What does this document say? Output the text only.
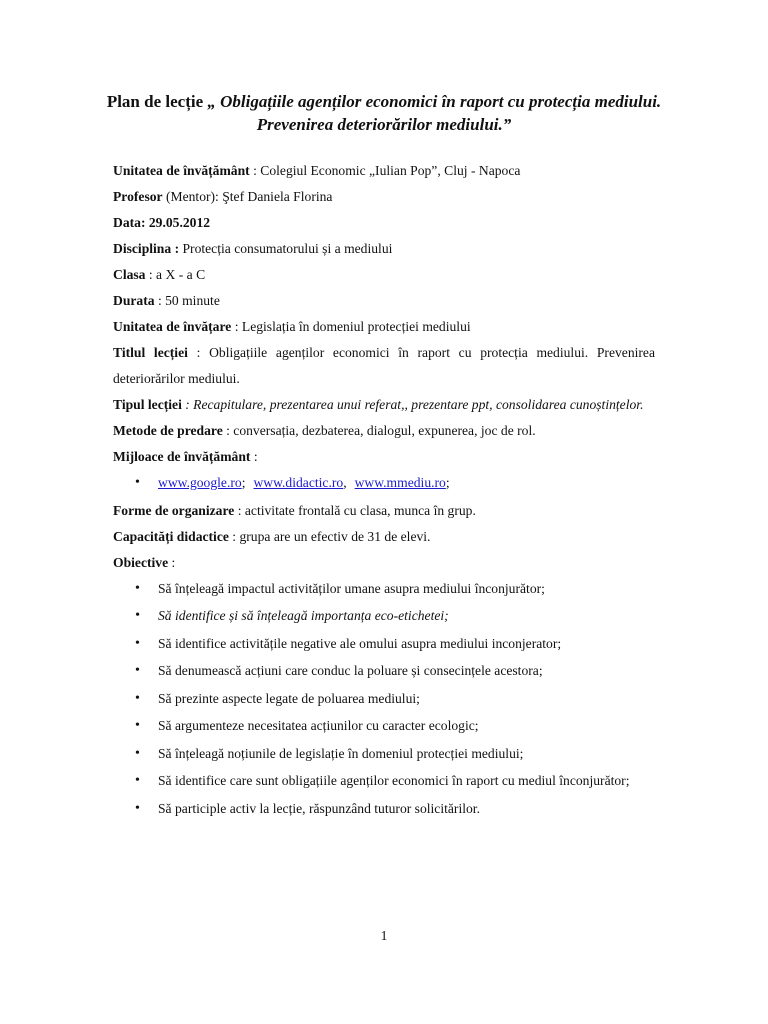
Plan de lecție „ Obligațiile agenților economici în raport cu protecția mediului. Prevenirea deteriorărilor mediului.”

Unitatea de învățământ : Colegiul Economic „Iulian Pop”, Cluj - Napoca

Profesor (Mentor): Ştef Daniela Florina

Data: 29.05.2012

Disciplina : Protecția consumatorului și a mediului

Clasa : a X - a C

Durata : 50 minute

Unitatea de învățare : Legislația în domeniul protecției mediului

Titlul lecției : Obligațiile agenților economici în raport cu protecția mediului. Prevenirea deteriorărilor mediului.

Tipul lecției : Recapitulare, prezentarea unui referat,, prezentare ppt, consolidarea cunoștințelor.

Metode de predare : conversația, dezbaterea, dialogul, expunerea, joc de rol.

Mijloace de învățământ :

• www.google.ro; www.didactic.ro, www.mmediu.ro;

Forme de organizare : activitate frontală cu clasa, munca în grup.

Capacități didactice : grupa are un efectiv de 31 de elevi.

Obiective :

• Să înțeleagă impactul activităților umane asupra mediului înconjurător;
• Să identifice și să înțeleagă importanța eco-etichetei;
• Să identifice activitățile negative ale omului asupra mediului inconjerator;
• Să denumească acțiuni care conduc la poluare și consecințele acestora;
• Să prezinte aspecte legate de poluarea mediului;
• Să argumenteze necesitatea acțiunilor cu caracter ecologic;
• Să înțeleagă noțiunile de legislație în domeniul protecției mediului;
• Să identifice care sunt obligațiile agenților economici în raport cu mediul înconjurător;
• Să participle activ la lecție, răspunzând tuturor solicitărilor.
1
